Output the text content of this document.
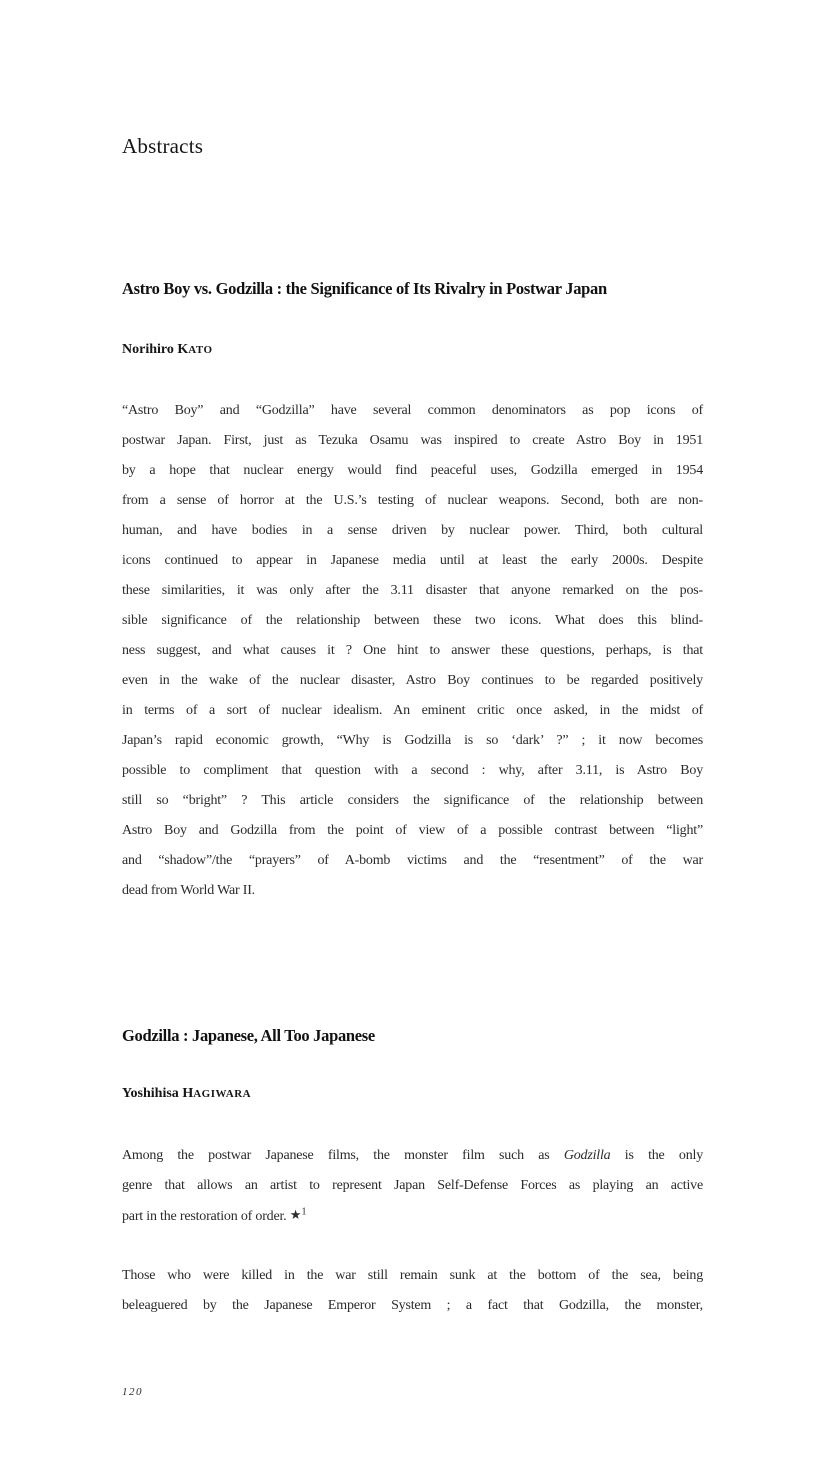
Abstracts
Astro Boy vs. Godzilla : the Significance of Its Rivalry in Postwar Japan
Norihiro KATO
“Astro Boy” and “Godzilla” have several common denominators as pop icons of
postwar Japan. First, just as Tezuka Osamu was inspired to create Astro Boy in 1951
by a hope that nuclear energy would find peaceful uses, Godzilla emerged in 1954
from a sense of horror at the U.S.’s testing of nuclear weapons. Second, both are non-
human, and have bodies in a sense driven by nuclear power. Third, both cultural
icons continued to appear in Japanese media until at least the early 2000s. Despite
these similarities, it was only after the 3.11 disaster that anyone remarked on the pos-
sible significance of the relationship between these two icons. What does this blind-
ness suggest, and what causes it ? One hint to answer these questions, perhaps, is that
even in the wake of the nuclear disaster, Astro Boy continues to be regarded positively
in terms of a sort of nuclear idealism. An eminent critic once asked, in the midst of
Japan’s rapid economic growth, “Why is Godzilla is so ‘dark’ ?” ; it now becomes
possible to compliment that question with a second : why, after 3.11, is Astro Boy
still so “bright” ? This article considers the significance of the relationship between
Astro Boy and Godzilla from the point of view of a possible contrast between “light”
and “shadow”/the “prayers” of A-bomb victims and the “resentment” of the war
dead from World War II.
Godzilla : Japanese, All Too Japanese
Yoshihisa HAGIWARA
Among the postwar Japanese films, the monster film such as Godzilla is the only
genre that allows an artist to represent Japan Self-Defense Forces as playing an active
part in the restoration of order. ★$^1$
Those who were killed in the war still remain sunk at the bottom of the sea, being
beleaguered by the Japanese Emperor System ; a fact that Godzilla, the monster,
120
